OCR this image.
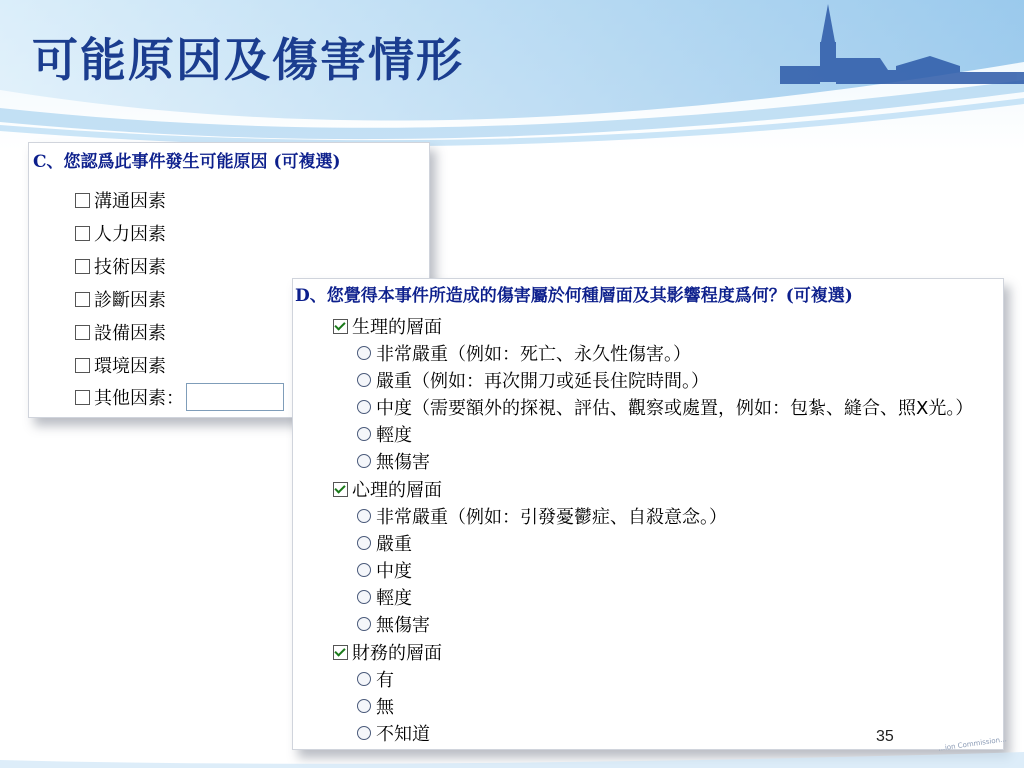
可能原因及傷害情形
C、您認爲此事件發生可能原因 (可複選)
溝通因素
人力因素
技術因素
診斷因素
設備因素
環境因素
其他因素：
D、您覺得本事件所造成的傷害屬於何種層面及其影響程度爲何？(可複選)
生理的層面
非常嚴重（例如：死亡、永久性傷害。）
嚴重（例如：再次開刀或延長住院時間。）
中度（需要額外的探視、評估、觀察或處置，例如：包紮、縫合、照X光。）
輕度
無傷害
心理的層面
非常嚴重（例如：引發憂鬱症、自殺意念。）
嚴重
中度
輕度
無傷害
財務的層面
有
無
不知道	...ion Commission...
35
